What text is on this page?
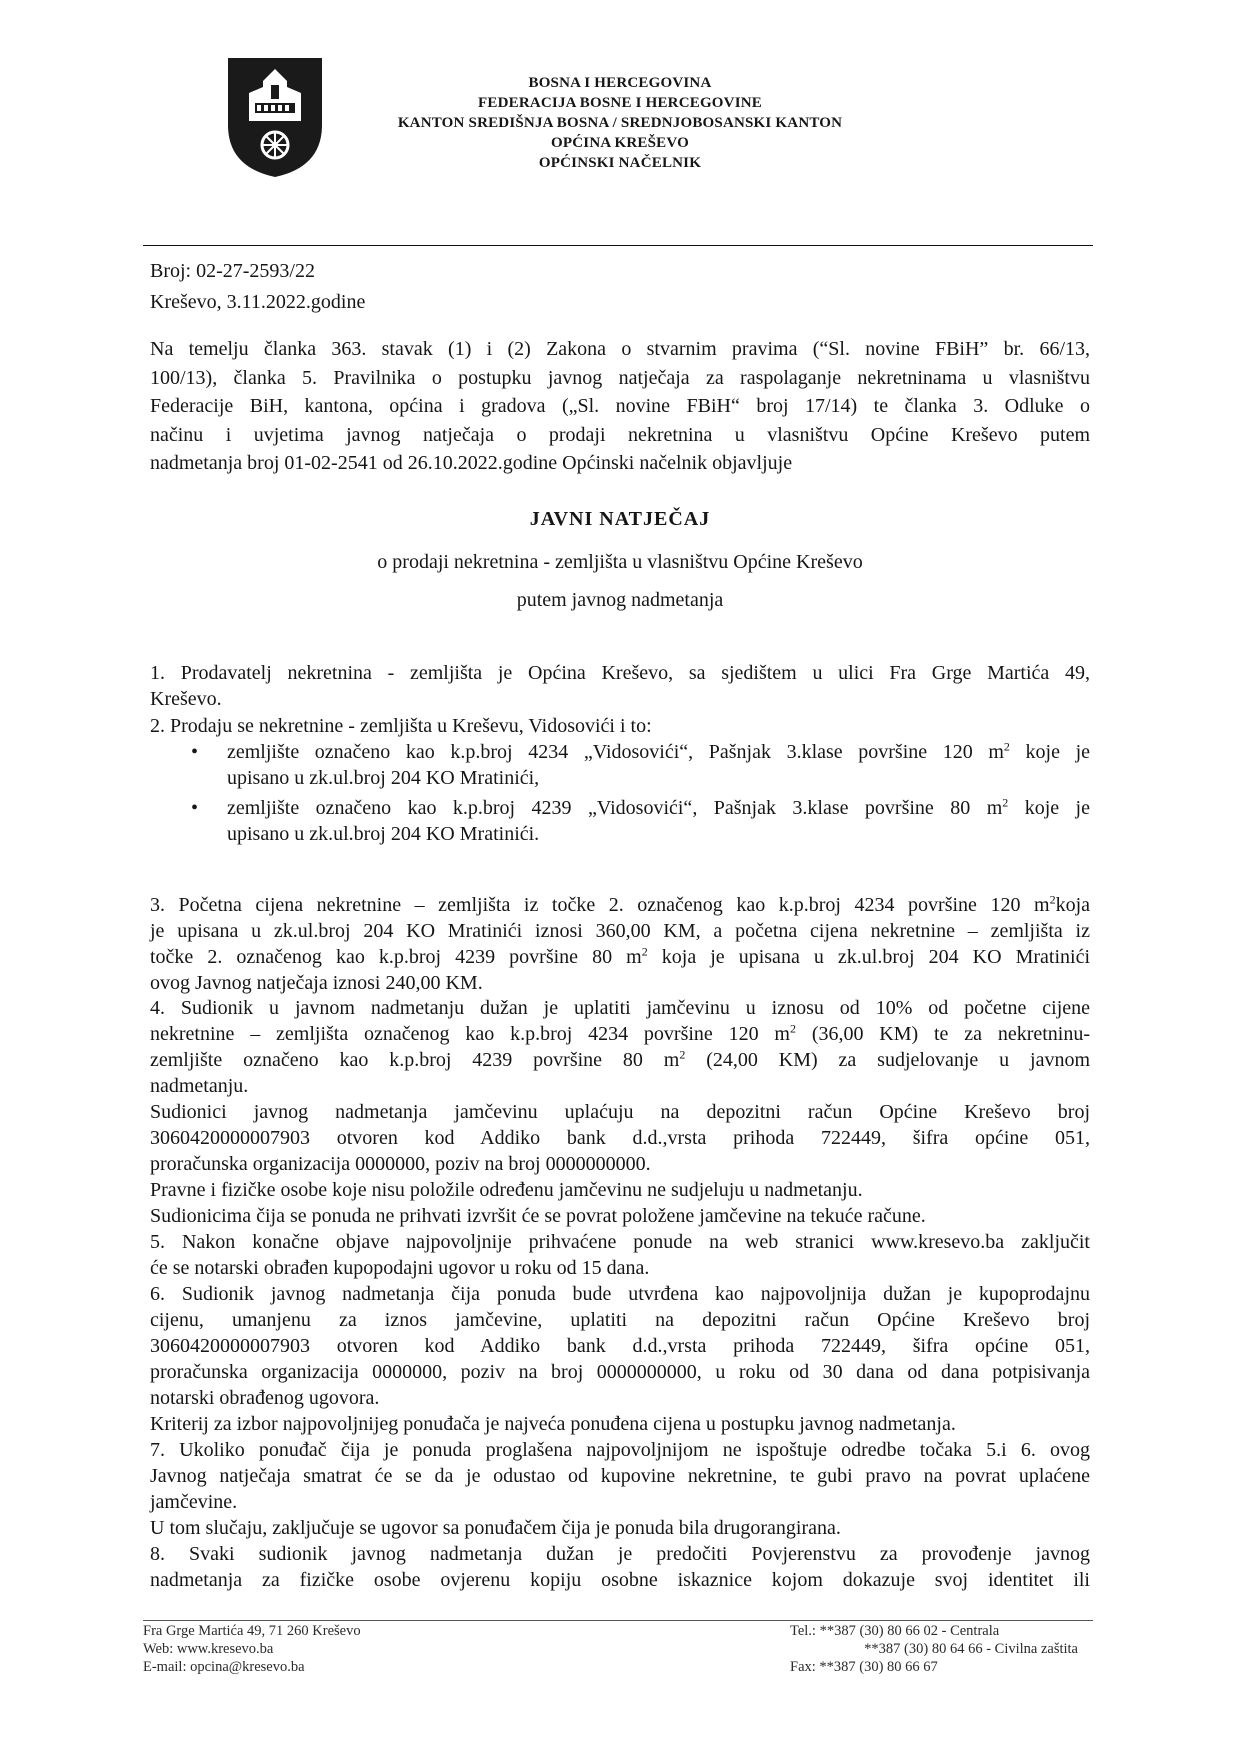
BOSNA I HERCEGOVINA
FEDERACIJA BOSNE I HERCEGOVINE
KANTON SREDIŠNJA BOSNA / SREDNJOBOSANSKI KANTON
OPĆINA KREŠEVO
OPĆINSKI NAČELNIK
Broj: 02-27-2593/22
Kreševo, 3.11.2022.godine
Na temelju članka 363. stavak (1) i (2) Zakona o stvarnim pravima (“Sl. novine FBiH” br. 66/13,
100/13), članka 5. Pravilnika o postupku javnog natječaja za raspolaganje nekretninama u vlasništvu
Federacije BiH, kantona, općina i gradova („Sl. novine FBiH“ broj 17/14) te članka 3. Odluke o
načinu i uvjetima javnog natječaja o prodaji nekretnina u vlasništvu Općine Kreševo putem
nadmetanja broj 01-02-2541 od 26.10.2022.godine Općinski načelnik objavljuje
JAVNI NATJEČAJ
o prodaji nekretnina - zemljišta u vlasništvu Općine Kreševo
putem javnog nadmetanja
1. Prodavatelj nekretnina - zemljišta je Općina Kreševo, sa sjedištem u ulici Fra Grge Martića 49,
Kreševo.
2. Prodaju se nekretnine - zemljišta u Kreševu, Vidosovići i to:
• zemljište označeno kao k.p.broj 4234 „Vidosovići“, Pašnjak 3.klase površine 120 $m^2$ koje je
upisano u zk.ul.broj 204 KO Mratinići,
• zemljište označeno kao k.p.broj 4239 „Vidosovići“, Pašnjak 3.klase površine 80 $m^2$ koje je
upisano u zk.ul.broj 204 KO Mratinići.
3. Početna cijena nekretnine – zemljišta iz točke 2. označenog kao k.p.broj 4234 površine 120 $m^2koja$
je upisana u zk.ul.broj 204 KO Mratinići iznosi 360,00 KM, a početna cijena nekretnine – zemljišta iz
točke 2. označenog kao k.p.broj 4239 površine 80 $m^2$ koja je upisana u zk.ul.broj 204 KO Mratinići
ovog Javnog natječaja iznosi 240,00 KM.
4. Sudionik u javnom nadmetanju dužan je uplatiti jamčevinu u iznosu od 10% od početne cijene
nekretnine – zemljišta označenog kao k.p.broj 4234 površine 120 $m^2$ (36,00 KM) te za nekretninu-
zemljište označeno kao k.p.broj 4239 površine 80 $m^2$ (24,00 KM) za sudjelovanje u javnom
nadmetanju.
Sudionici javnog nadmetanja jamčevinu uplaćuju na depozitni račun Općine Kreševo broj
3060420000007903 otvoren kod Addiko bank d.d.,vrsta prihoda 722449, šifra općine 051,
proračunska organizacija 0000000, poziv na broj 0000000000.
Pravne i fizičke osobe koje nisu položile određenu jamčevinu ne sudjeluju u nadmetanju.
Sudionicima čija se ponuda ne prihvati izvršit će se povrat položene jamčevine na tekuće račune.
5. Nakon konačne objave najpovoljnije prihvaćene ponude na web stranici www.kresevo.ba zaključit
će se notarski obrađen kupopodajni ugovor u roku od 15 dana.
6. Sudionik javnog nadmetanja čija ponuda bude utvrđena kao najpovoljnija dužan je kupoprodajnu
cijenu, umanjenu za iznos jamčevine, uplatiti na depozitni račun Općine Kreševo broj
3060420000007903 otvoren kod Addiko bank d.d.,vrsta prihoda 722449, šifra općine 051,
proračunska organizacija 0000000, poziv na broj 0000000000, u roku od 30 dana od dana potpisivanja
notarski obrađenog ugovora.
Kriterij za izbor najpovoljnijeg ponuđača je najveća ponuđena cijena u postupku javnog nadmetanja.
7. Ukoliko ponuđač čija je ponuda proglašena najpovoljnijom ne ispoštuje odredbe točaka 5.i 6. ovog
Javnog natječaja smatrat će se da je odustao od kupovine nekretnine, te gubi pravo na povrat uplaćene
jamčevine.
U tom slučaju, zaključuje se ugovor sa ponuđačem čija je ponuda bila drugorangirana.
8. Svaki sudionik javnog nadmetanja dužan je predočiti Povjerenstvu za provođenje javnog
nadmetanja za fizičke osobe ovjerenu kopiju osobne iskaznice kojom dokazuje svoj identitet ili
Fra Grge Martića 49, 71 260 Kreševo
Web: www.kresevo.ba
E-mail: opcina@kresevo.ba
Tel.: **387 (30) 80 66 02 - Centrala
**387 (30) 80 64 66 - Civilna zaštita
Fax: **387 (30) 80 66 67
